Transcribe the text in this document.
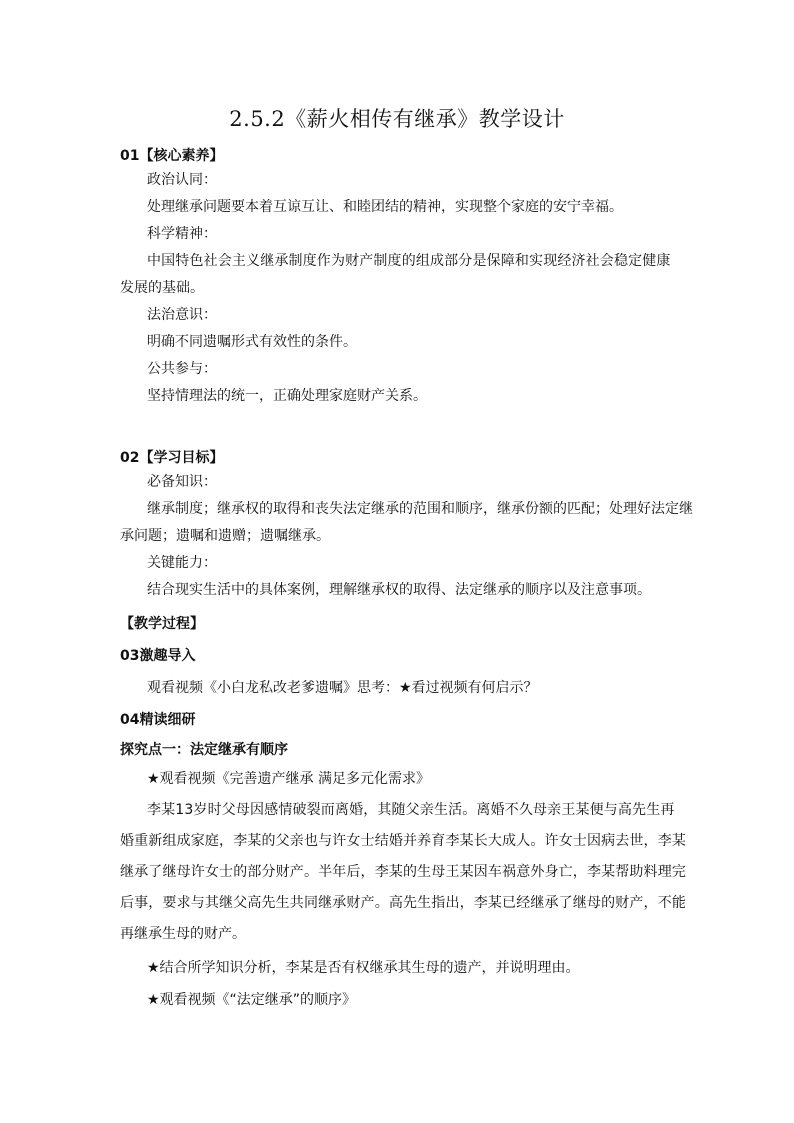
2.5.2《薪火相传有继承》教学设计
01【核心素养】
政治认同：
处理继承问题要本着互谅互让、和睦团结的精神，实现整个家庭的安宁幸福。
科学精神：
中国特色社会主义继承制度作为财产制度的组成部分是保障和实现经济社会稳定健康
发展的基础。
法治意识：
明确不同遗嘱形式有效性的条件。
公共参与：
坚持情理法的统一，正确处理家庭财产关系。
02【学习目标】
必备知识：
继承制度；继承权的取得和丧失法定继承的范围和顺序，继承份额的匹配；处理好法定继
承问题；遗嘱和遗赠；遗嘱继承。
关键能力：
结合现实生活中的具体案例，理解继承权的取得、法定继承的顺序以及注意事项。
【教学过程】
03激趣导入
观看视频《小白龙私改老爹遗嘱》思考：★看过视频有何启示？
04精读细研
探究点一：法定继承有顺序
★观看视频《完善遗产继承 满足多元化需求》
李某13岁时父母因感情破裂而离婚，其随父亲生活。离婚不久母亲王某便与高先生再
婚重新组成家庭，李某的父亲也与许女士结婚并养育李某长大成人。许女士因病去世，李某
继承了继母许女士的部分财产。半年后，李某的生母王某因车祸意外身亡，李某帮助料理完
后事，要求与其继父高先生共同继承财产。高先生指出，李某已经继承了继母的财产，不能
再继承生母的财产。
★结合所学知识分析，李某是否有权继承其生母的遗产，并说明理由。
★观看视频《“法定继承”的顺序》
